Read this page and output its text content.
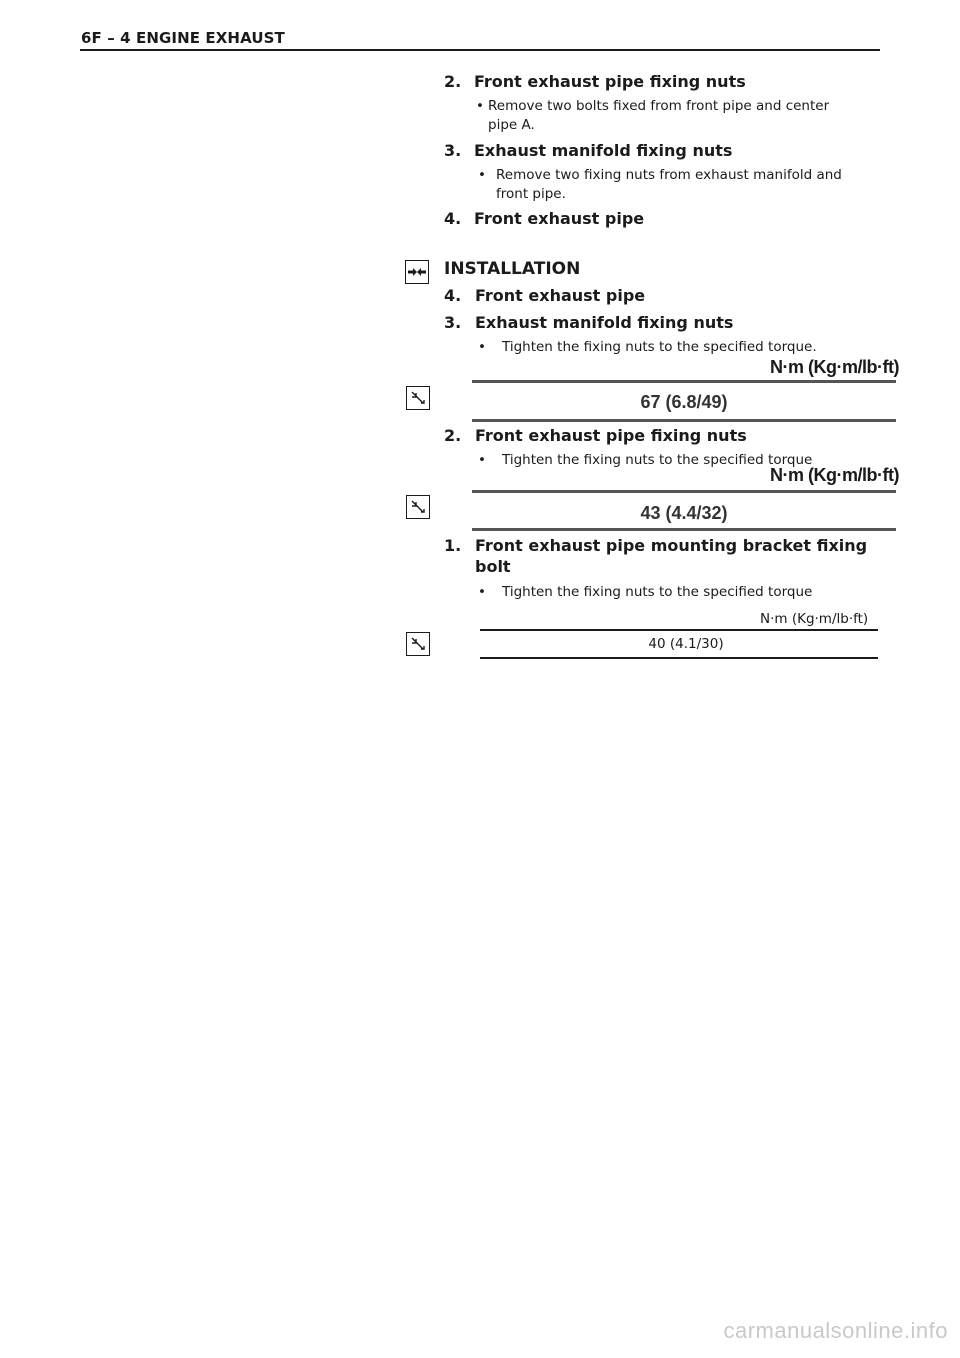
6F – 4 ENGINE EXHAUST
2. Front exhaust pipe fixing nuts
• Remove two bolts fixed from front pipe and center
pipe A.
3. Exhaust manifold fixing nuts
• Remove two fixing nuts from exhaust manifold and
front pipe.
4. Front exhaust pipe
INSTALLATION
4. Front exhaust pipe
3. Exhaust manifold fixing nuts
• Tighten the fixing nuts to the specified torque.
N·m (Kg·m/lb·ft)
67 (6.8/49)
2. Front exhaust pipe fixing nuts
• Tighten the fixing nuts to the specified torque
N·m (Kg·m/lb·ft)
43 (4.4/32)
1. Front exhaust pipe mounting bracket fixing
bolt
• Tighten the fixing nuts to the specified torque
N·m (Kg·m/lb·ft)
40 (4.1/30)
carmanualsonline.info
